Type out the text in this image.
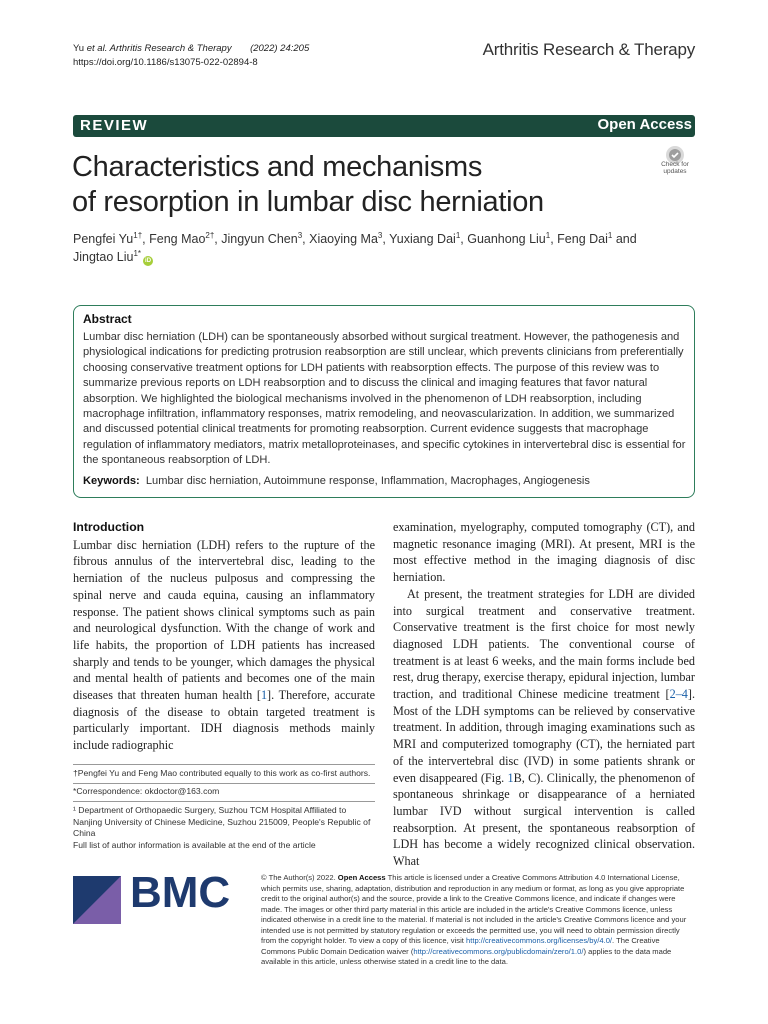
Yu et al. Arthritis Research & Therapy (2022) 24:205
https://doi.org/10.1186/s13075-022-02894-8
Arthritis Research & Therapy
REVIEW	Open Access
Characteristics and mechanisms
of resorption in lumbar disc herniation
Check for
updates
Pengfei $Yu^{1\dagger}$, Feng Mao$^{2\dagger}$, Jingyun Chen$^3$, Xiaoying Ma$^3$, Yuxiang Dai$^1$, Guanhong Liu$^1$, Feng Dai$^1$ and
Jingtao Liu$^{1*}$iD
Abstract
Lumbar disc herniation (LDH) can be spontaneously absorbed without surgical treatment. However, the pathogenesis and physiological indications for predicting protrusion reabsorption are still unclear, which prevents clinicians from preferentially choosing conservative treatment options for LDH patients with reabsorption effects. The purpose of this review was to summarize previous reports on LDH reabsorption and to discuss the clinical and imaging features that favor natural absorption. We highlighted the biological mechanisms involved in the phenomenon of LDH reabsorption, including macrophage infiltration, inflammatory responses, matrix remodeling, and neovascularization. In addition, we summarized and discussed potential clinical treatments for promoting reabsorption. Current evidence suggests that macrophage regulation of inflammatory mediators, matrix metalloproteinases, and specific cytokines in intervertebral disc is essential for the spontaneous reabsorption of LDH.
Keywords: Lumbar disc herniation, Autoimmune response, Inflammation, Macrophages, Angiogenesis
Introduction

Lumbar disc herniation (LDH) refers to the rupture of the fibrous annulus of the intervertebral disc, leading to the herniation of the nucleus pulposus and compressing the spinal nerve and cauda equina, causing an inflammatory response. The patient shows clinical symptoms such as pain and neurological dysfunction. With the change of work and life habits, the proportion of LDH patients has increased sharply and tends to be younger, which damages the physical and mental health of patients and becomes one of the main diseases that threaten human health [1]. Therefore, accurate diagnosis of the disease to obtain targeted treatment is particularly important. IDH diagnosis methods mainly include radiographic

examination, myelography, computed tomography (CT), and magnetic resonance imaging (MRI). At present, MRI is the most effective method in the imaging diagnosis of disc herniation.

At present, the treatment strategies for LDH are divided into surgical treatment and conservative treatment. Conservative treatment is the first choice for most newly diagnosed LDH patients. The conventional course of treatment is at least 6 weeks, and the main forms include bed rest, drug therapy, exercise therapy, epidural injection, lumbar traction, and traditional Chinese medicine treatment [2–4]. Most of the LDH symptoms can be relieved by conservative treatment. In addition, through imaging examinations such as MRI and computerized tomography (CT), the herniated part of the intervertebral disc (IVD) in some patients shrank or even disappeared (Fig. 1B, C). Clinically, the phenomenon of spontaneous shrinkage or disappearance of a herniated lumbar IVD without surgical intervention is called reabsorption. At present, the spontaneous reabsorption of LDH has become a widely recognized clinical observation. What

†Pengfei Yu and Feng Mao contributed equally to this work as co-first authors.
*Correspondence: okdoctor@163.com
¹ Department of Orthopaedic Surgery, Suzhou TCM Hospital Affiliated to Nanjing University of Chinese Medicine, Suzhou 215009, People's Republic of China
Full list of author information is available at the end of the article
BMC	© The Author(s) 2022. Open Access This article is licensed under a Creative Commons Attribution 4.0 International License, which permits use, sharing, adaptation, distribution and reproduction in any medium or format, as long as you give appropriate credit to the original author(s) and the source, provide a link to the Creative Commons licence, and indicate if changes were made. The images or other third party material in this article are included in the article's Creative Commons licence, unless indicated otherwise in a credit line to the material. If material is not included in the article's Creative Commons licence and your intended use is not permitted by statutory regulation or exceeds the permitted use, you will need to obtain permission directly from the copyright holder. To view a copy of this licence, visit http://creativecommons.org/licenses/by/4.0/. The Creative Commons Public Domain Dedication waiver (http://creativecommons.org/publicdomain/zero/1.0/) applies to the data made available in this article, unless otherwise stated in a credit line to the data.
